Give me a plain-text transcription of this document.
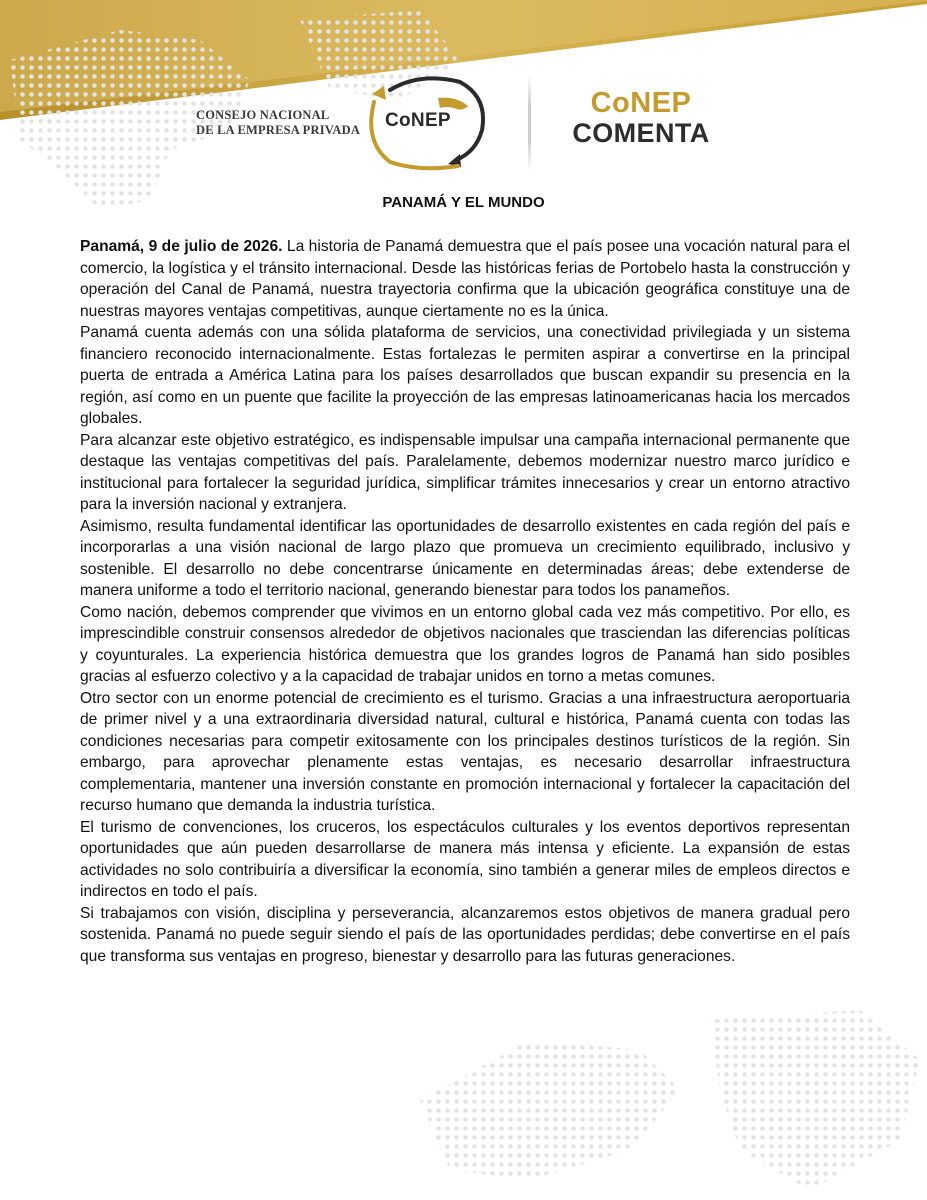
CONSEJO NACIONAL
DE LA EMPRESA PRIVADA	CoNEP
CoNEP
COMENTA
PANAMÁ Y EL MUNDO

Panamá, 9 de julio de 2026. La historia de Panamá demuestra que el país posee una vocación natural para el comercio, la logística y el tránsito internacional. Desde las históricas ferias de Portobelo hasta la construcción y operación del Canal de Panamá, nuestra trayectoria confirma que la ubicación geográfica constituye una de nuestras mayores ventajas competitivas, aunque ciertamente no es la única.

Panamá cuenta además con una sólida plataforma de servicios, una conectividad privilegiada y un sistema financiero reconocido internacionalmente. Estas fortalezas le permiten aspirar a convertirse en la principal puerta de entrada a América Latina para los países desarrollados que buscan expandir su presencia en la región, así como en un puente que facilite la proyección de las empresas latinoamericanas hacia los mercados globales.

Para alcanzar este objetivo estratégico, es indispensable impulsar una campaña internacional permanente que destaque las ventajas competitivas del país. Paralelamente, debemos modernizar nuestro marco jurídico e institucional para fortalecer la seguridad jurídica, simplificar trámites innecesarios y crear un entorno atractivo para la inversión nacional y extranjera.

Asimismo, resulta fundamental identificar las oportunidades de desarrollo existentes en cada región del país e incorporarlas a una visión nacional de largo plazo que promueva un crecimiento equilibrado, inclusivo y sostenible. El desarrollo no debe concentrarse únicamente en determinadas áreas; debe extenderse de manera uniforme a todo el territorio nacional, generando bienestar para todos los panameños.

Como nación, debemos comprender que vivimos en un entorno global cada vez más competitivo. Por ello, es imprescindible construir consensos alrededor de objetivos nacionales que trasciendan las diferencias políticas y coyunturales. La experiencia histórica demuestra que los grandes logros de Panamá han sido posibles gracias al esfuerzo colectivo y a la capacidad de trabajar unidos en torno a metas comunes.

Otro sector con un enorme potencial de crecimiento es el turismo. Gracias a una infraestructura aeroportuaria de primer nivel y a una extraordinaria diversidad natural, cultural e histórica, Panamá cuenta con todas las condiciones necesarias para competir exitosamente con los principales destinos turísticos de la región. Sin embargo, para aprovechar plenamente estas ventajas, es necesario desarrollar infraestructura complementaria, mantener una inversión constante en promoción internacional y fortalecer la capacitación del recurso humano que demanda la industria turística.

El turismo de convenciones, los cruceros, los espectáculos culturales y los eventos deportivos representan oportunidades que aún pueden desarrollarse de manera más intensa y eficiente. La expansión de estas actividades no solo contribuiría a diversificar la economía, sino también a generar miles de empleos directos e indirectos en todo el país.

Si trabajamos con visión, disciplina y perseverancia, alcanzaremos estos objetivos de manera gradual pero sostenida. Panamá no puede seguir siendo el país de las oportunidades perdidas; debe convertirse en el país que transforma sus ventajas en progreso, bienestar y desarrollo para las futuras generaciones.
